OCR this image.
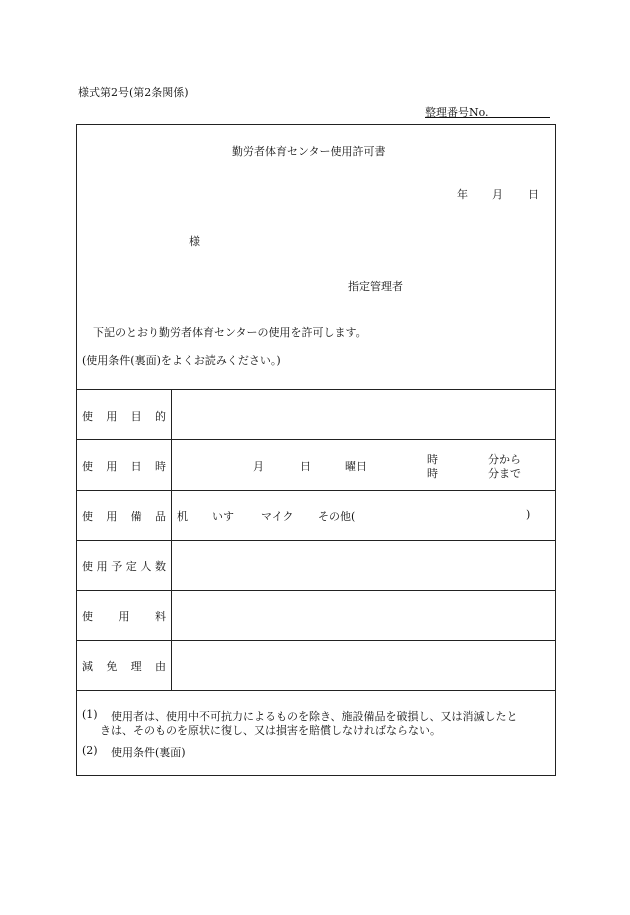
様式第2号(第2条関係)
整理番号No.
勤労者体育センター使用許可書
年 月 日
様
指定管理者
下記のとおり勤労者体育センターの使用を許可します。
(使用条件(裏面)をよくお読みください。)
使 用 目 的
使 用 日 時	月	日	曜日
時	分から
時	分まで
使 用 備 品 机 いす マイク その他(	)
使 用 予 定 人 数
使 用 料
減 免 理 由
(1) 使用者は、使用中不可抗力によるものを除き、施設備品を破損し、又は消滅したと
きは、そのものを原状に復し、又は損害を賠償しなければならない。
(2) 使用条件(裏面)
